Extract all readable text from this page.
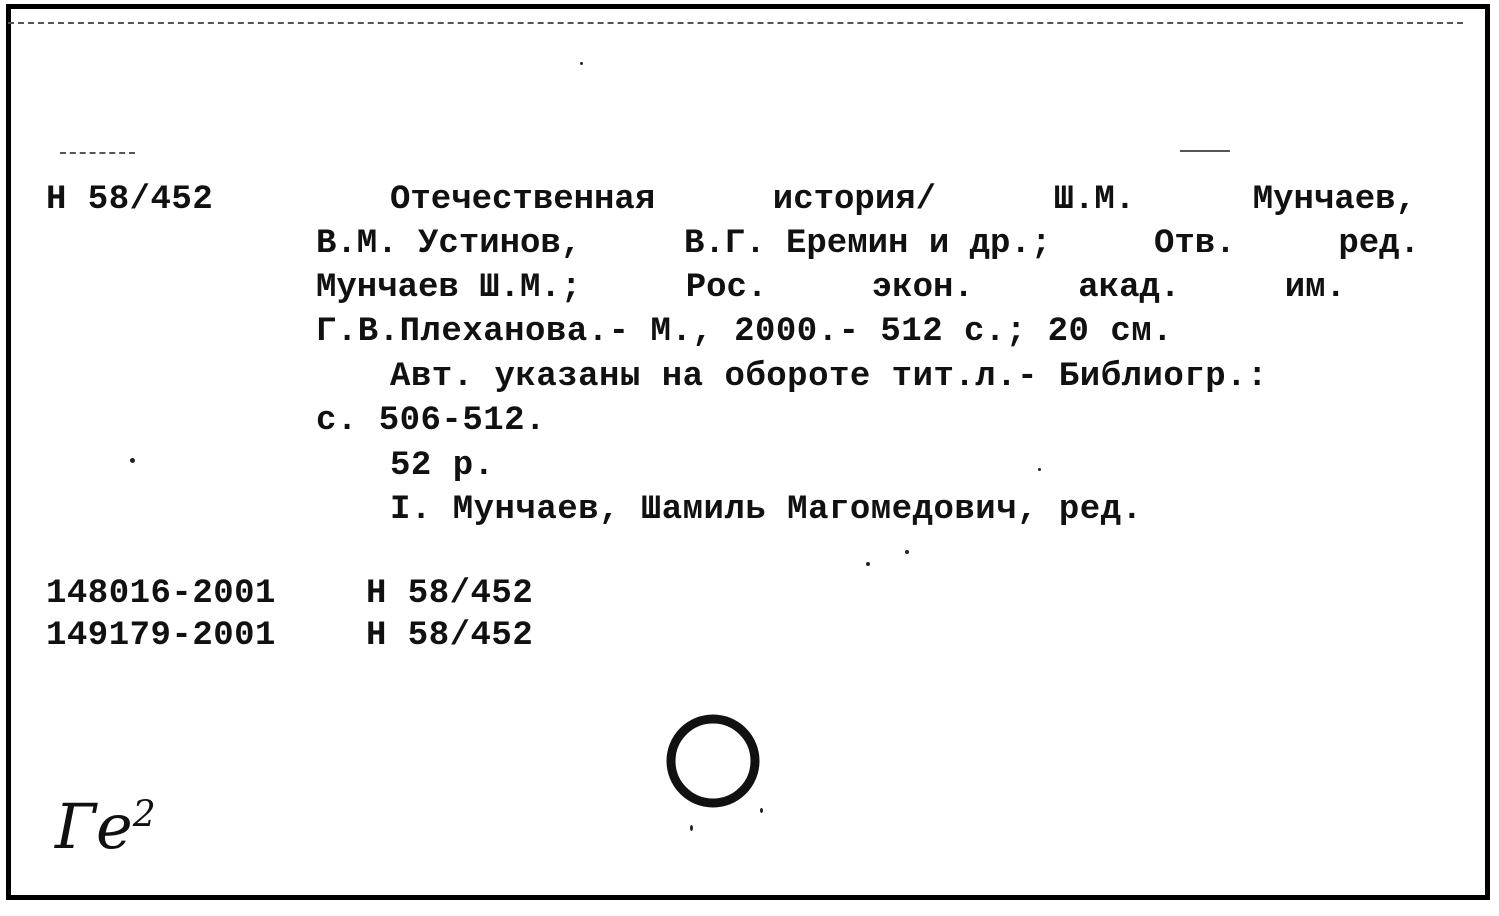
Н 58/452	Отечественная	история/	Ш.М.	Мунчаев,
В.М. Устинов,	В.Г. Еремин и др.;	Отв.	ред.
Мунчаев Ш.М.;	Рос.	экон.	акад.	им.
Г.В.Плеханова.- М., 2000.- 512 с.; 20 см.
Авт. указаны на обороте тит.л.- Библиогр.:
с. 506-512.
52 р.
I. Мунчаев, Шамиль Магомедович, ред.
148016-2001	Н 58/452
149179-2001	Н 58/452
$Ге^2$
